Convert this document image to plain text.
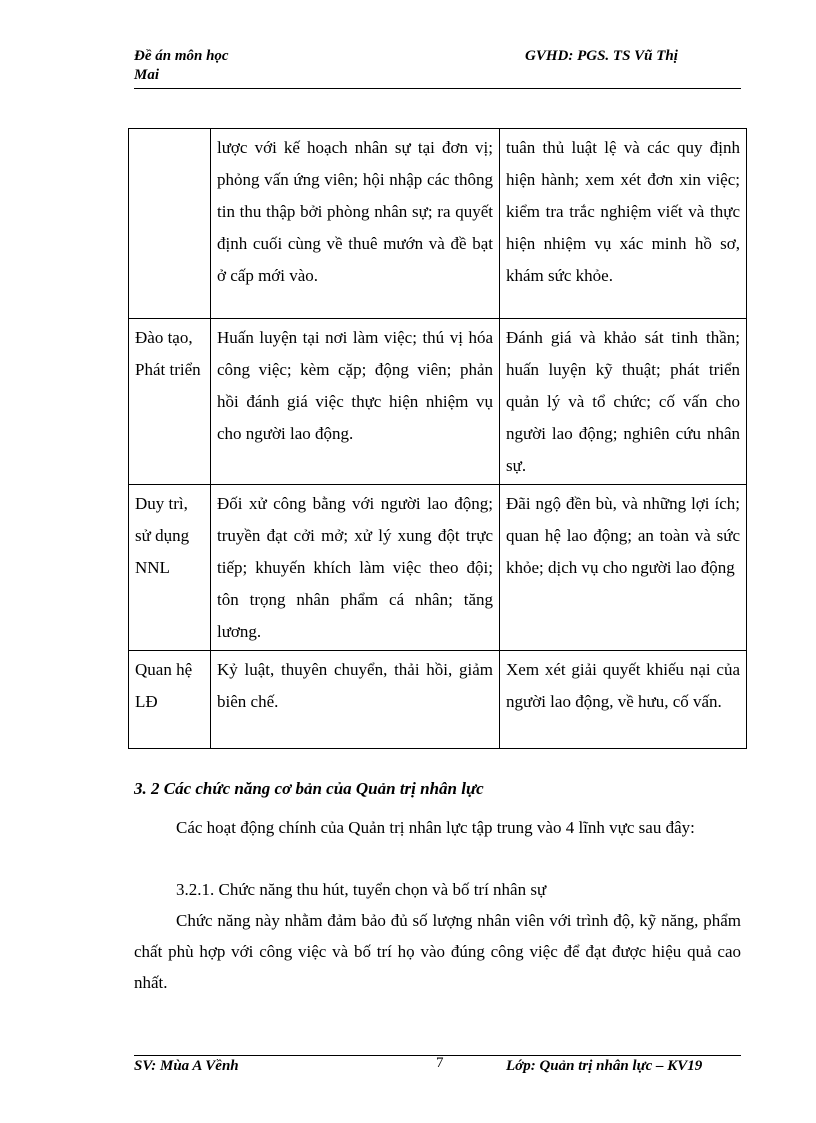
Đề án môn học
Mai
GVHD: PGS. TS Vũ Thị
	lược với kế hoạch nhân sự tại đơn vị; phỏng vấn ứng viên; hội nhập các thông tin thu thập bởi phòng nhân sự; ra quyết định cuối cùng về thuê mướn và đề bạt ở cấp mới vào.	tuân thủ luật lệ và các quy định hiện hành; xem xét đơn xin việc; kiểm tra trắc nghiệm viết và thực hiện nhiệm vụ xác minh hồ sơ, khám sức khỏe.
Đào tạo, Phát triển	Huấn luyện tại nơi làm việc; thú vị hóa công việc; kèm cặp; động viên; phản hồi đánh giá việc thực hiện nhiệm vụ cho người lao động.	Đánh giá và khảo sát tinh thần; huấn luyện kỹ thuật; phát triển quản lý và tổ chức; cố vấn cho người lao động; nghiên cứu nhân sự.
Duy trì, sử dụng NNL	Đối xử công bằng với người lao động; truyền đạt cởi mở; xử lý xung đột trực tiếp; khuyến khích làm việc theo đội; tôn trọng nhân phẩm cá nhân; tăng lương.	Đãi ngộ đền bù, và những lợi ích; quan hệ lao động; an toàn và sức khỏe; dịch vụ cho người lao động
Quan hệ LĐ	Kỷ luật, thuyên chuyển, thải hồi, giảm biên chế.	Xem xét giải quyết khiếu nại của người lao động, về hưu, cố vấn.
3. 2 Các chức năng cơ bản của Quản trị nhân lực
Các hoạt động chính của Quản trị nhân lực tập trung vào 4 lĩnh vực sau đây:
3.2.1. Chức năng thu hút, tuyển chọn và bố trí nhân sự
Chức năng này nhằm đảm bảo đủ số lượng nhân viên với trình độ, kỹ năng, phẩm chất phù hợp với công việc và bố trí họ vào đúng công việc để đạt được hiệu quả cao nhất.
SV: Mùa A Vềnh	7	Lớp: Quản trị nhân lực – KV19
